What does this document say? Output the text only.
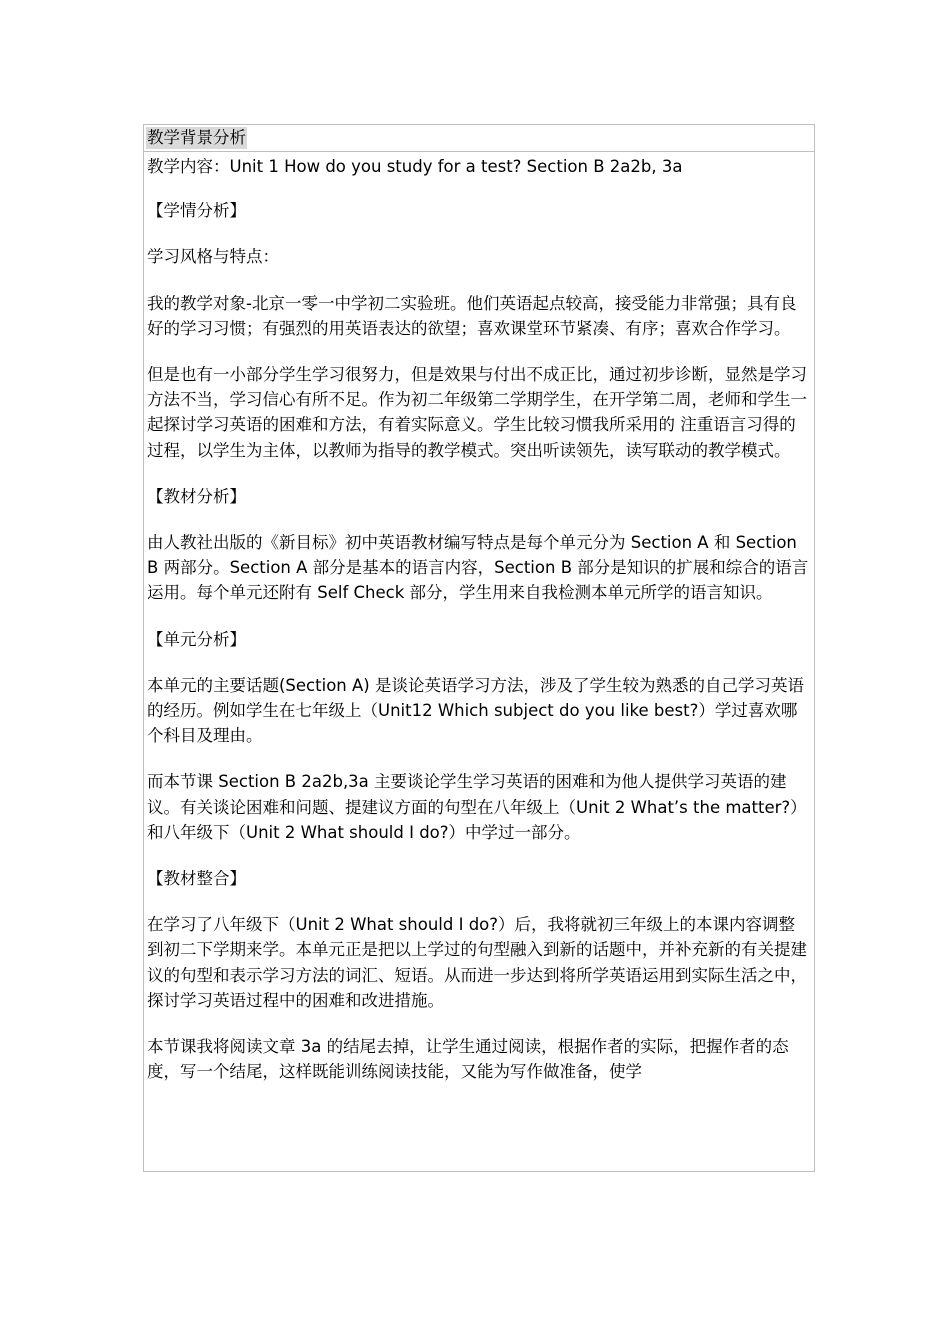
教学背景分析

教学内容：Unit 1 How do you study for a test? Section B 2a2b, 3a

【学情分析】

学习风格与特点：

我的教学对象-北京一零一中学初二实验班。他们英语起点较高，接受能力非常强；具有良好的学习习惯；有强烈的用英语表达的欲望；喜欢课堂环节紧凑、有序；喜欢合作学习。

但是也有一小部分学生学习很努力，但是效果与付出不成正比，通过初步诊断，显然是学习方法不当，学习信心有所不足。作为初二年级第二学期学生，在开学第二周，老师和学生一起探讨学习英语的困难和方法，有着实际意义。学生比较习惯我所采用的 注重语言习得的过程，以学生为主体，以教师为指导的教学模式。突出听读领先，读写联动的教学模式。

【教材分析】

由人教社出版的《新目标》初中英语教材编写特点是每个单元分为 Section A 和 Section B 两部分。Section A 部分是基本的语言内容，Section B 部分是知识的扩展和综合的语言运用。每个单元还附有 Self Check 部分，学生用来自我检测本单元所学的语言知识。

【单元分析】

本单元的主要话题(Section A) 是谈论英语学习方法，涉及了学生较为熟悉的自己学习英语的经历。例如学生在七年级上（Unit12 Which subject do you like best?）学过喜欢哪个科目及理由。

而本节课 Section B 2a2b,3a 主要谈论学生学习英语的困难和为他人提供学习英语的建议。有关谈论困难和问题、提建议方面的句型在八年级上（Unit 2 What’s the matter?）和八年级下（Unit 2 What should I do?）中学过一部分。

【教材整合】

在学习了八年级下（Unit 2 What should I do?）后，我将就初三年级上的本课内容调整到初二下学期来学。本单元正是把以上学过的句型融入到新的话题中，并补充新的有关提建议的句型和表示学习方法的词汇、短语。从而进一步达到将所学英语运用到实际生活之中， 探讨学习英语过程中的困难和改进措施。

本节课我将阅读文章 3a 的结尾去掉，让学生通过阅读，根据作者的实际，把握作者的态度，写一个结尾，这样既能训练阅读技能，又能为写作做准备，使学
